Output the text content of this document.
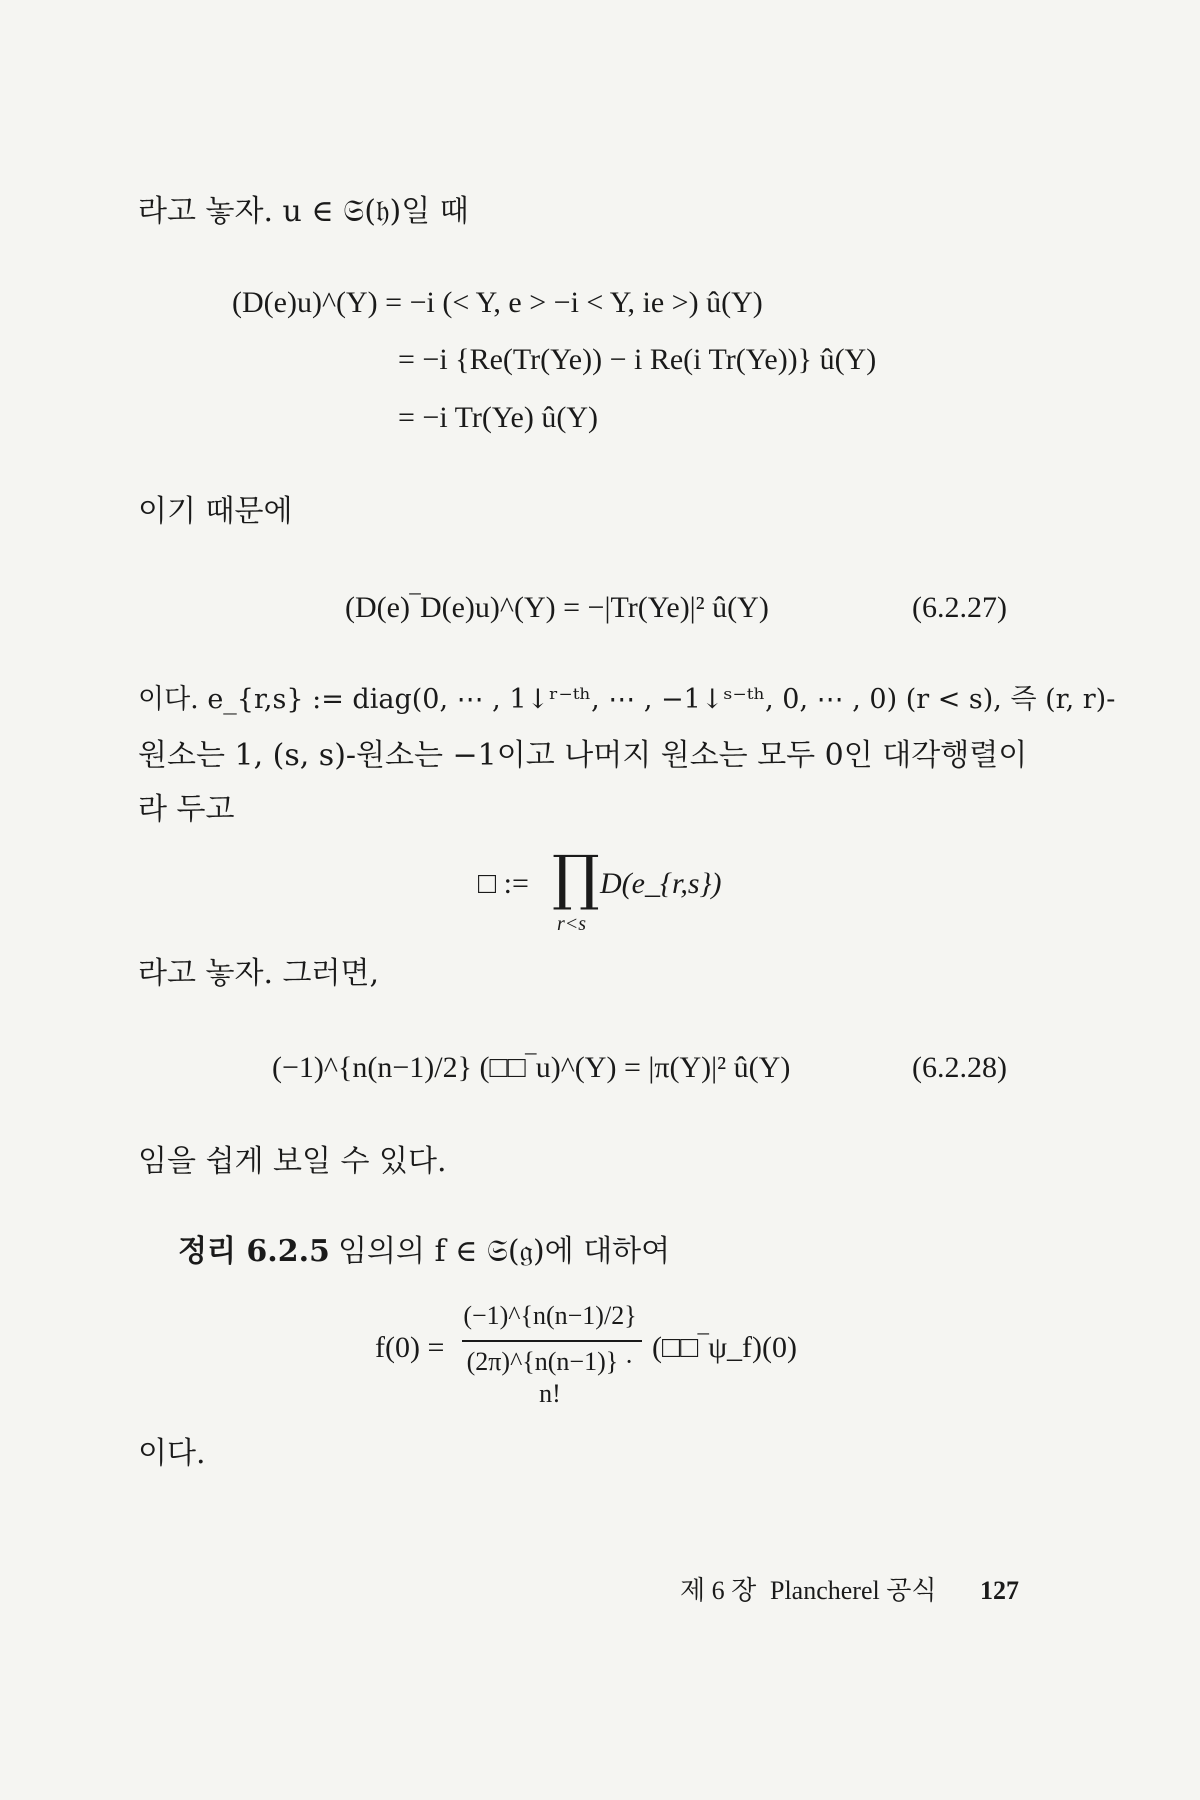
라고 놓자. u ∈ 𝔖(𝔥)일 때
(D(e)u)^(Y) = −i (< Y, e > −i < Y, ie >) û(Y)
= −i {Re(Tr(Ye)) − i Re(i Tr(Ye))} û(Y)
= −i Tr(Ye) û(Y)
이기 때문에
(D(e)‾D(e)u)^(Y) = −|Tr(Ye)|² û(Y)	(6.2.27)
이다. e_{r,s} := diag(0, ⋯ , 1↓ʳ⁻ᵗʰ, ⋯ , −1↓ˢ⁻ᵗʰ, 0, ⋯ , 0) (r < s), 즉 (r, r)-
원소는 1, (s, s)-원소는 −1이고 나머지 원소는 모두 0인 대각행렬이
라 두고
□ := ∏ D(e_{r,s})
r<s
라고 놓자. 그러면,
(−1)^{n(n−1)/2} (□□‾u)^(Y) = |π(Y)|² û(Y)	(6.2.28)
임을 쉽게 보일 수 있다.
정리 6.2.5 임의의 f ∈ 𝔖(𝔤)에 대하여
f(0) =
(−1)^{n(n−1)/2}
(2π)^{n(n−1)} · n!
(□□‾ψ_f)(0)
이다.
제 6 장 Plancherel 공식 127
